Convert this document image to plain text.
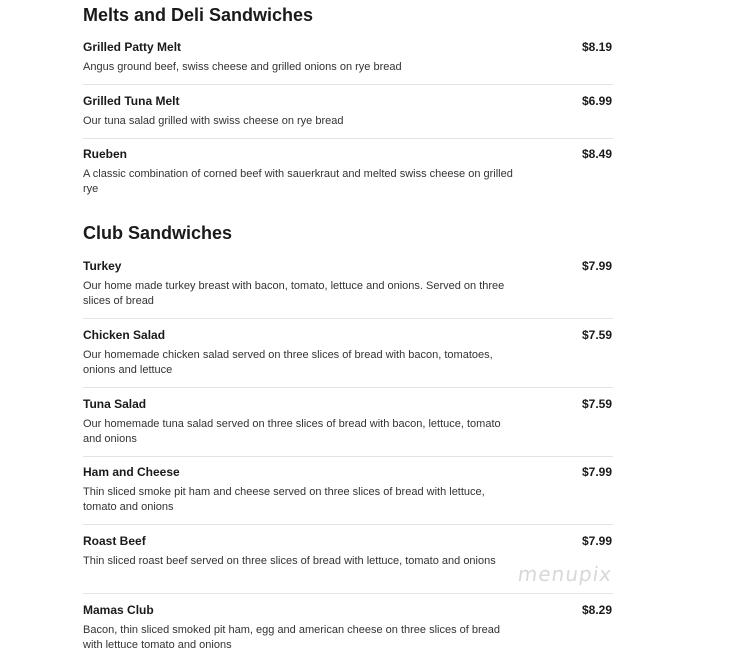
Melts and Deli Sandwiches
Grilled Patty Melt	$8.19
Angus ground beef, swiss cheese and grilled onions on rye bread
Grilled Tuna Melt	$6.99
Our tuna salad grilled with swiss cheese on rye bread
Rueben	$8.49
A classic combination of corned beef with sauerkraut and melted swiss cheese on grilled rye
Club Sandwiches
Turkey	$7.99
Our home made turkey breast with bacon, tomato, lettuce and onions. Served on three slices of bread
Chicken Salad	$7.59
Our homemade chicken salad served on three slices of bread with bacon, tomatoes, onions and lettuce
Tuna Salad	$7.59
Our homemade tuna salad served on three slices of bread with bacon, lettuce, tomato and onions
Ham and Cheese	$7.99
Thin sliced smoke pit ham and cheese served on three slices of bread with lettuce, tomato and onions
Roast Beef	$7.99
Thin sliced roast beef served on three slices of bread with lettuce, tomato and onions
Mamas Club	$8.29
Bacon, thin sliced smoked pit ham, egg and american cheese on three slices of bread with lettuce tomato and onions
menupix
